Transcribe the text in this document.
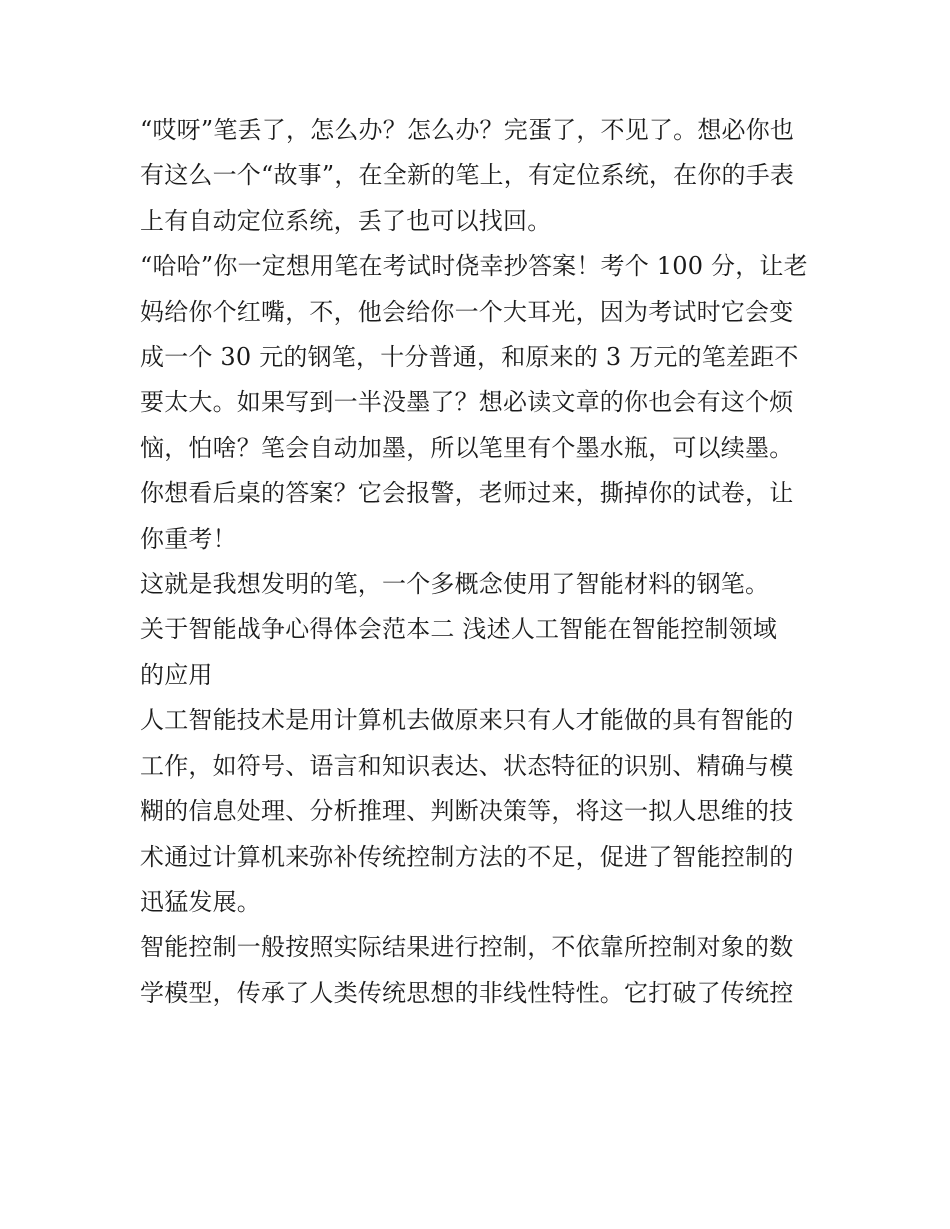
“哎呀”笔丢了，怎么办？怎么办？完蛋了，不见了。想必你也
有这么一个“故事”，在全新的笔上，有定位系统，在你的手表
上有自动定位系统，丢了也可以找回。

“哈哈”你一定想用笔在考试时侥幸抄答案！考个 100 分，让老
妈给你个红嘴，不，他会给你一个大耳光，因为考试时它会变
成一个 30 元的钢笔，十分普通，和原来的 3 万元的笔差距不
要太大。如果写到一半没墨了？想必读文章的你也会有这个烦
恼，怕啥？笔会自动加墨，所以笔里有个墨水瓶，可以续墨。
你想看后桌的答案？它会报警，老师过来，撕掉你的试卷，让
你重考！

这就是我想发明的笔，一个多概念使用了智能材料的钢笔。

关于智能战争心得体会范本二 浅述人工智能在智能控制领域
的应用

人工智能技术是用计算机去做原来只有人才能做的具有智能的
工作，如符号、语言和知识表达、状态特征的识别、精确与模
糊的信息处理、分析推理、判断决策等，将这一拟人思维的技
术通过计算机来弥补传统控制方法的不足，促进了智能控制的
迅猛发展。

智能控制一般按照实际结果进行控制，不依靠所控制对象的数
学模型，传承了人类传统思想的非线性特性。它打破了传统控
